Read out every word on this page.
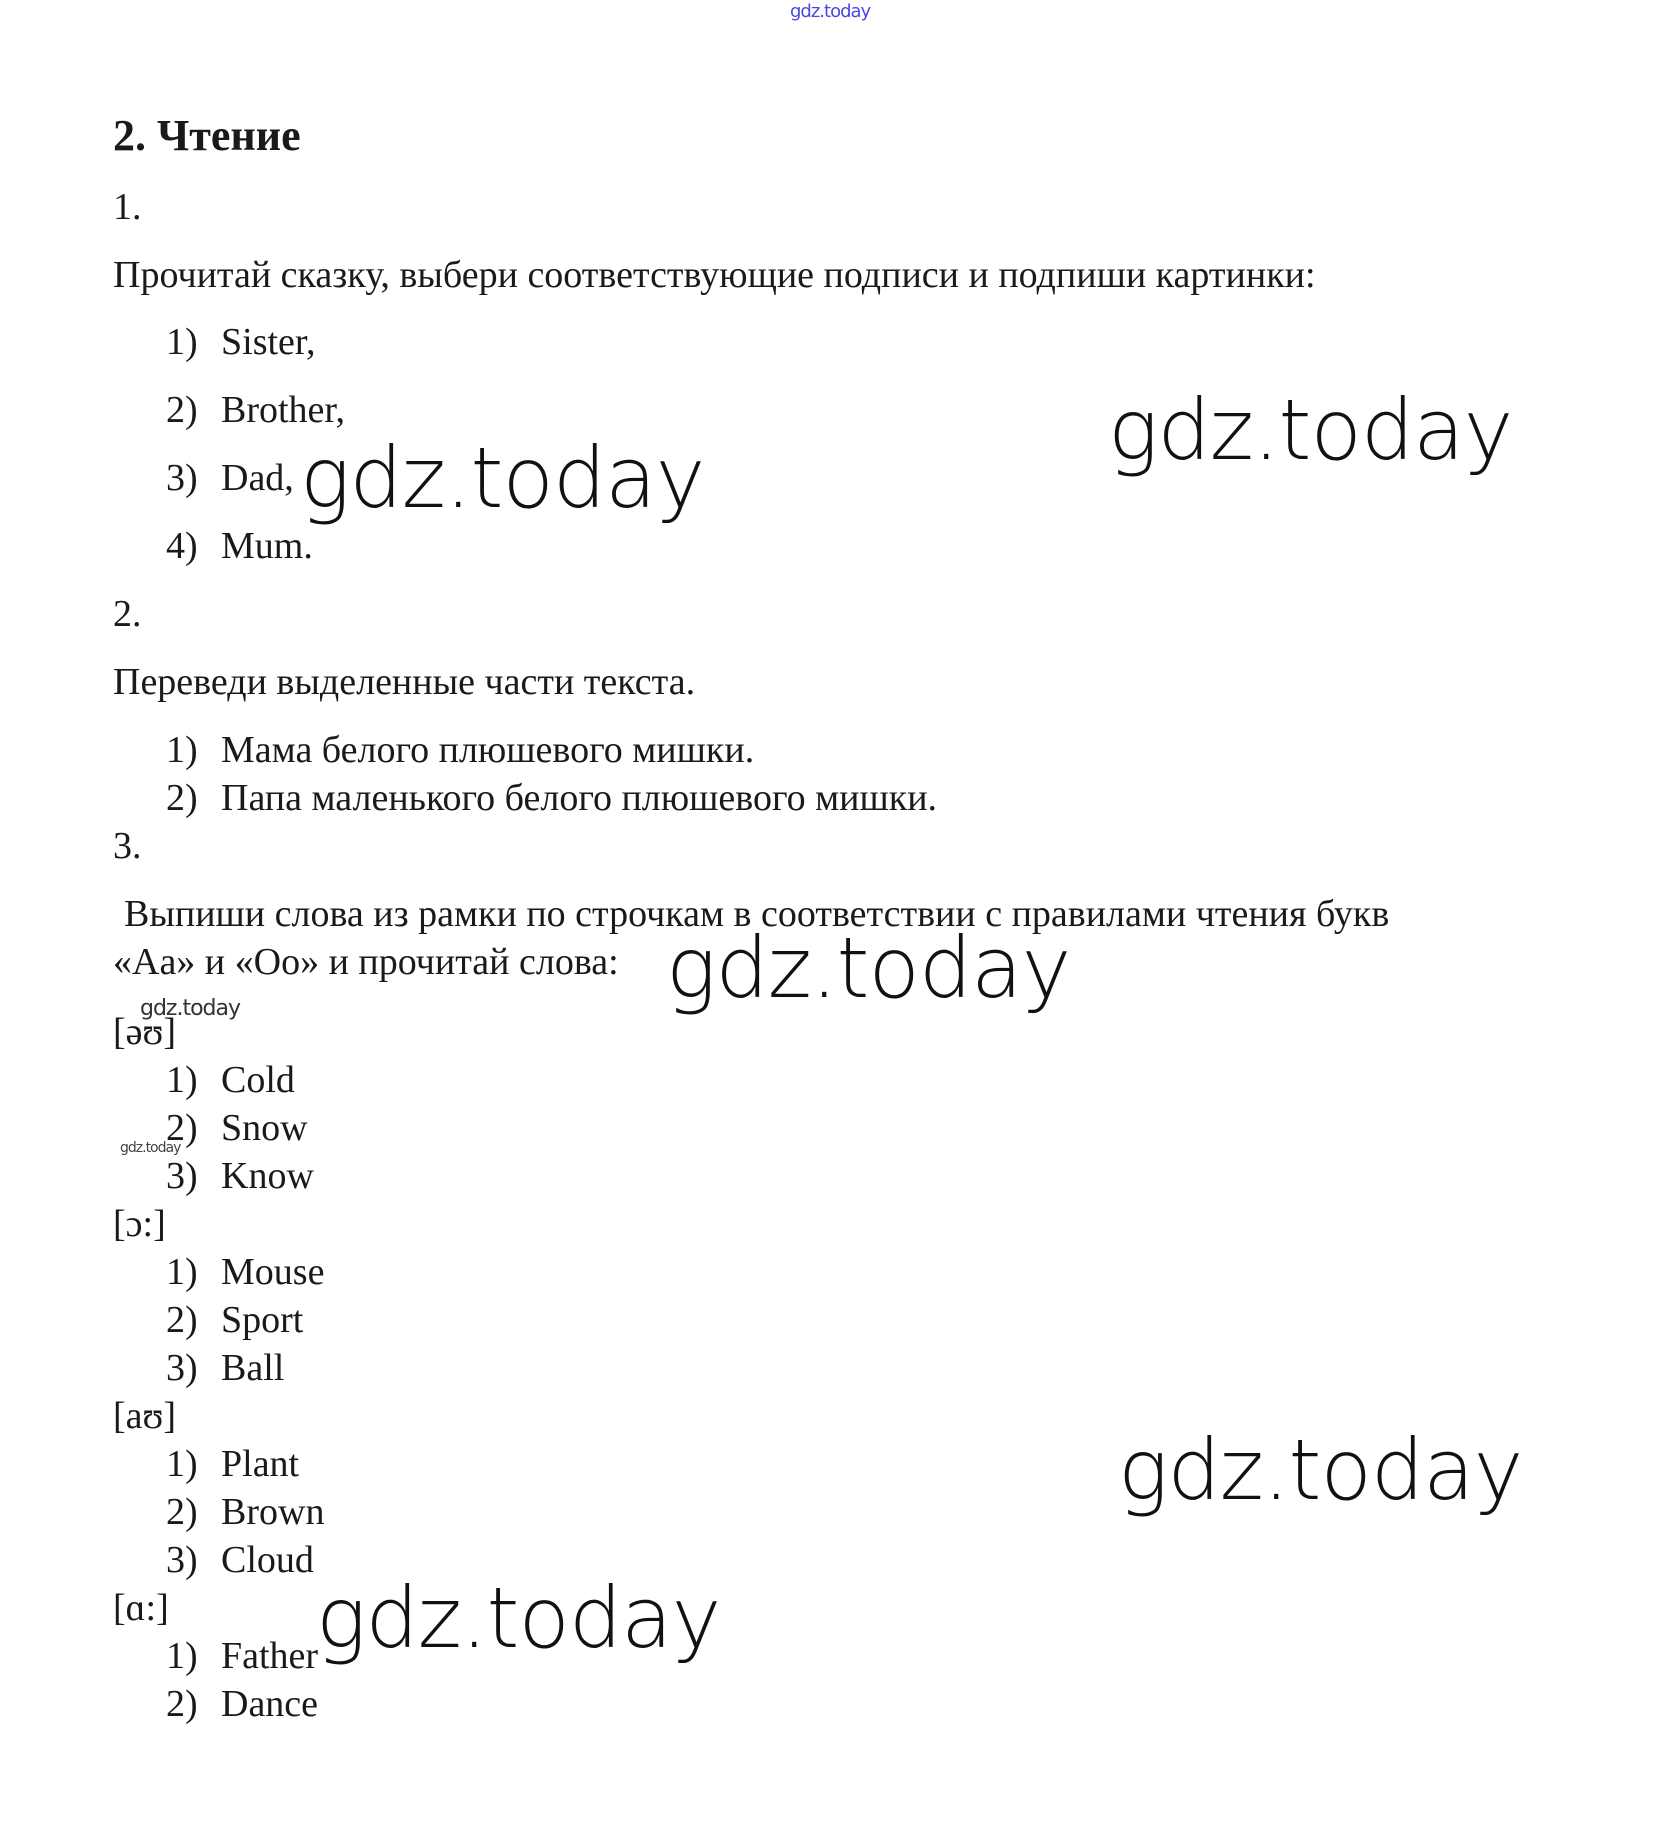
gdz.today
2. Чтение
1.
Прочитай сказку, выбери соответствующие подписи и подпиши картинки:
1) Sister,
2) Brother,
3) Dad,
4) Mum.
2.
Переведи выделенные части текста.
1) Мама белого плюшевого мишки.
2) Папа маленького белого плюшевого мишки.
3.
Выпиши слова из рамки по строчкам в соответствии с правилами чтения букв
«Aa» и «Oo» и прочитай слова:
[əʊ]
1) Cold
2) Snow
3) Know
[ɔ:]
1) Mouse
2) Sport
3) Ball
[aʊ]
1) Plant
2) Brown
3) Cloud
[ɑ:]
1) Father
2) Dance
gdz.today
gdz.today
gdz.today
gdz.today
gdz.today
gdz.today
gdz.today
